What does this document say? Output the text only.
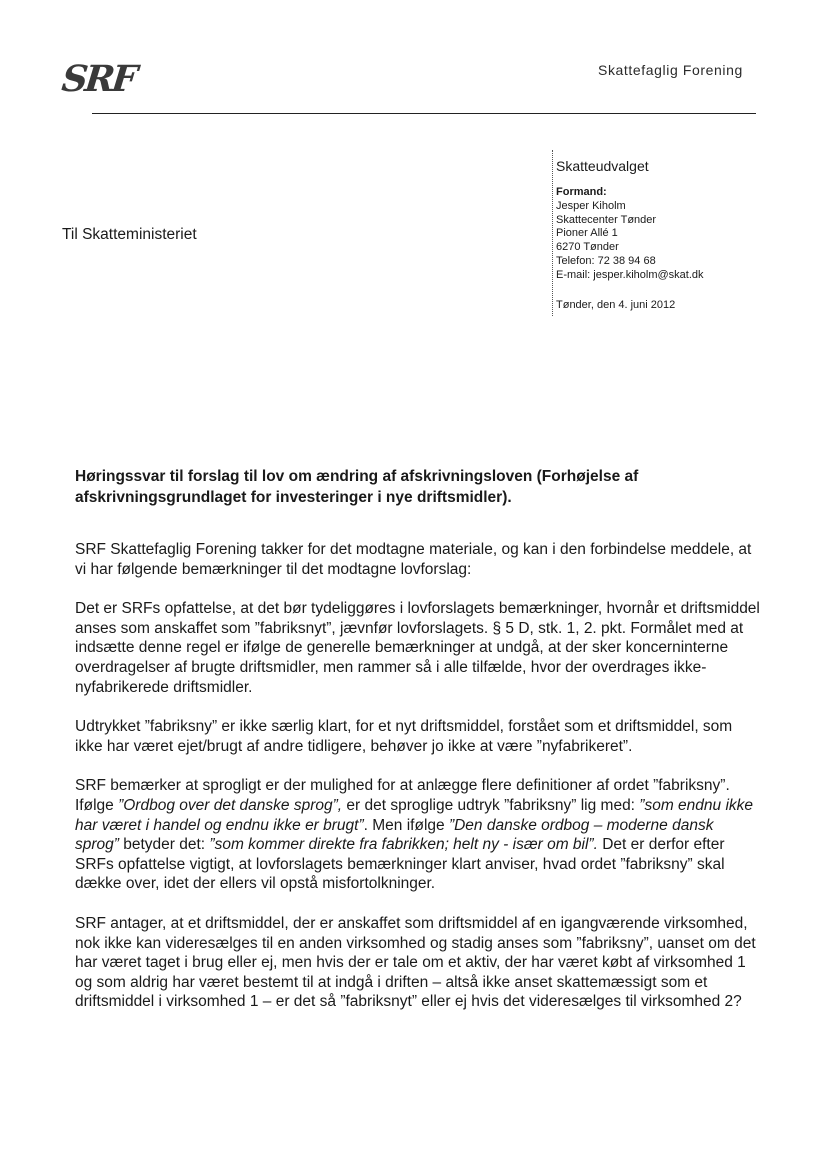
SRF	Skattefaglig Forening
Til Skatteministeriet
Skatteudvalget
Formand:
Jesper Kiholm
Skattecenter Tønder
Pioner Allé 1
6270 Tønder
Telefon: 72 38 94 68
E-mail: jesper.kiholm@skat.dk
Tønder, den 4. juni 2012
Høringssvar til forslag til lov om ændring af afskrivningsloven (Forhøjelse af afskrivningsgrundlaget for investeringer i nye driftsmidler).

SRF Skattefaglig Forening takker for det modtagne materiale, og kan i den forbindelse meddele, at vi har følgende bemærkninger til det modtagne lovforslag:

Det er SRFs opfattelse, at det bør tydeliggøres i lovforslagets bemærkninger, hvornår et driftsmiddel anses som anskaffet som ”fabriksnyt”, jævnfør lovforslagets. § 5 D, stk. 1, 2. pkt. Formålet med at indsætte denne regel er ifølge de generelle bemærkninger at undgå, at der sker koncerninterne overdragelser af brugte driftsmidler, men rammer så i alle tilfælde, hvor der overdrages ikke-nyfabrikerede driftsmidler.

Udtrykket ”fabriksny” er ikke særlig klart, for et nyt driftsmiddel, forstået som et driftsmiddel, som ikke har været ejet/brugt af andre tidligere, behøver jo ikke at være ”nyfabrikeret”.

SRF bemærker at sprogligt er der mulighed for at anlægge flere definitioner af ordet ”fabriksny”. Ifølge ”Ordbog over det danske sprog”, er det sproglige udtryk ”fabriksny” lig med: ”som endnu ikke har været i handel og endnu ikke er brugt”. Men ifølge ”Den danske ordbog – moderne dansk sprog” betyder det: ”som kommer direkte fra fabrikken; helt ny - især om bil”. Det er derfor efter SRFs opfattelse vigtigt, at lovforslagets bemærkninger klart anviser, hvad ordet ”fabriksny” skal dække over, idet der ellers vil opstå misfortolkninger.

SRF antager, at et driftsmiddel, der er anskaffet som driftsmiddel af en igangværende virksomhed, nok ikke kan videresælges til en anden virksomhed og stadig anses som ”fabriksny”, uanset om det har været taget i brug eller ej, men hvis der er tale om et aktiv, der har været købt af virksomhed 1 og som aldrig har været bestemt til at indgå i driften – altså ikke anset skattemæssigt som et driftsmiddel i virksomhed 1 – er det så ”fabriksnyt” eller ej hvis det videresælges til virksomhed 2?
